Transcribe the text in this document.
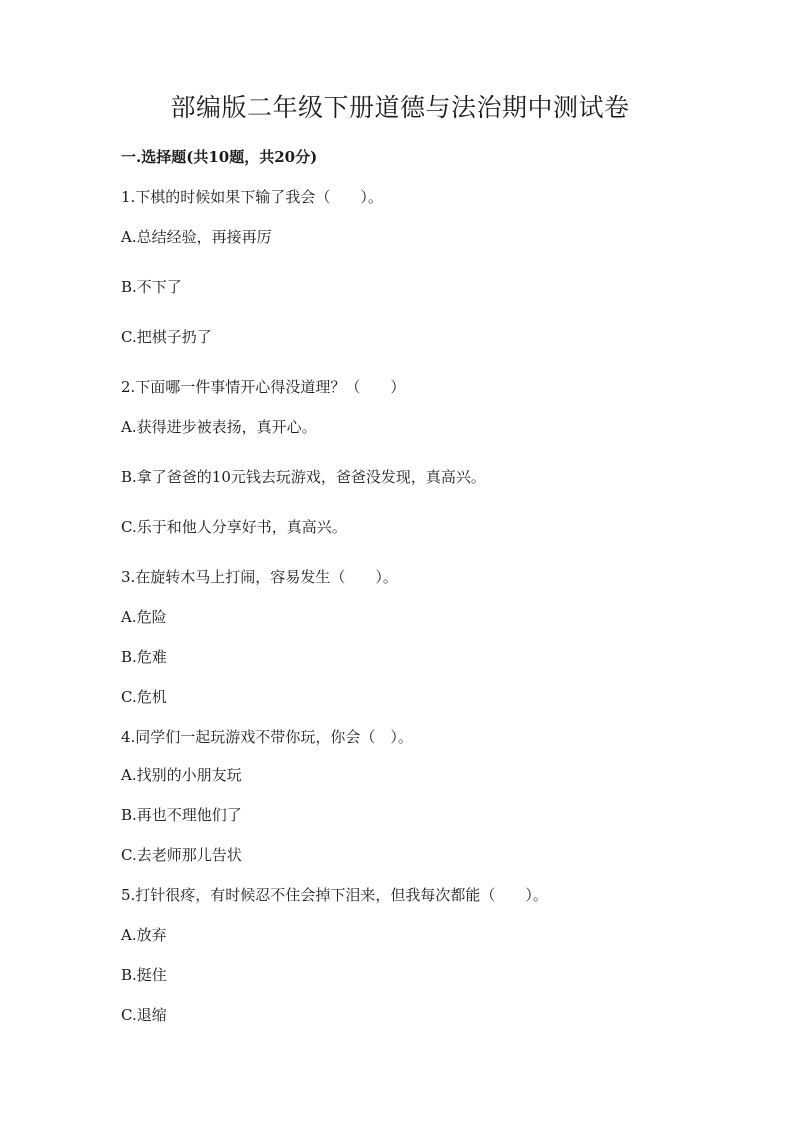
部编版二年级下册道德与法治期中测试卷
一.选择题(共10题，共20分)
1.下棋的时候如果下输了我会（　　）。
A.总结经验，再接再厉
B.不下了
C.把棋子扔了
2.下面哪一件事情开心得没道理？（　　）
A.获得进步被表扬，真开心。
B.拿了爸爸的10元钱去玩游戏，爸爸没发现，真高兴。
C.乐于和他人分享好书，真高兴。
3.在旋转木马上打闹，容易发生（　　）。
A.危险
B.危难
C.危机
4.同学们一起玩游戏不带你玩，你会（　）。
A.找别的小朋友玩
B.再也不理他们了
C.去老师那儿告状
5.打针很疼，有时候忍不住会掉下泪来，但我每次都能（　　）。
A.放弃
B.挺住
C.退缩
